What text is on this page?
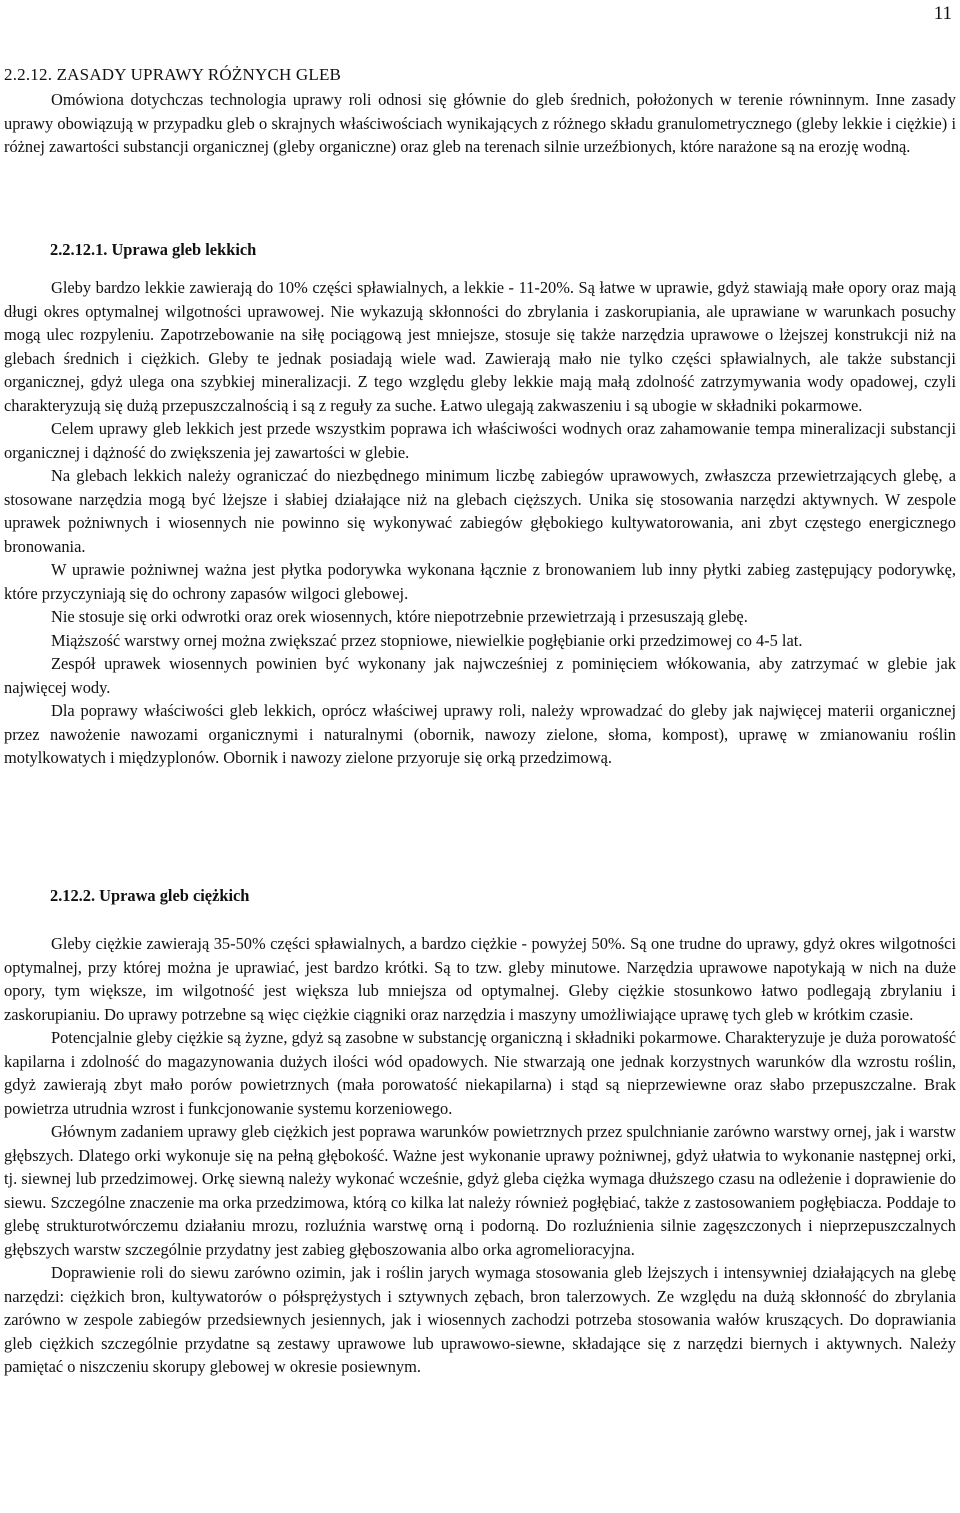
11
2.2.12. ZASADY UPRAWY RÓŻNYCH GLEB

Omówiona dotychczas technologia uprawy roli odnosi się głównie do gleb średnich, położonych w terenie równinnym. Inne zasady uprawy obowiązują w przypadku gleb o skrajnych właściwościach wynikających z różnego składu granulometrycznego (gleby lekkie i ciężkie) i różnej zawartości substancji organicznej (gleby organiczne) oraz gleb na terenach silnie urzeźbionych, które narażone są na erozję wodną.

2.2.12.1. Uprawa gleb lekkich

Gleby bardzo lekkie zawierają do 10% części spławialnych, a lekkie - 11-20%. Są łatwe w uprawie, gdyż stawiają małe opory oraz mają długi okres optymalnej wilgotności uprawowej. Nie wykazują skłonności do zbrylania i zaskorupiania, ale uprawiane w warunkach posuchy mogą ulec rozpyleniu. Zapotrzebowanie na siłę pociągową jest mniejsze, stosuje się także narzędzia uprawowe o lżejszej konstrukcji niż na glebach średnich i ciężkich. Gleby te jednak posiadają wiele wad. Zawierają mało nie tylko części spławialnych, ale także substancji organicznej, gdyż ulega ona szybkiej mineralizacji. Z tego względu gleby lekkie mają małą zdolność zatrzymywania wody opadowej, czyli charakteryzują się dużą przepuszczalnością i są z reguły za suche. Łatwo ulegają zakwaszeniu i są ubogie w składniki pokarmowe.

Celem uprawy gleb lekkich jest przede wszystkim poprawa ich właściwości wodnych oraz zahamowanie tempa mineralizacji substancji organicznej i dążność do zwiększenia jej zawartości w glebie.

Na glebach lekkich należy ograniczać do niezbędnego minimum liczbę zabiegów uprawowych, zwłaszcza przewietrzających glebę, a stosowane narzędzia mogą być lżejsze i słabiej działające niż na glebach cięższych. Unika się stosowania narzędzi aktywnych. W zespole uprawek pożniwnych i wiosennych nie powinno się wykonywać zabiegów głębokiego kultywatorowania, ani zbyt częstego energicznego bronowania.

W uprawie pożniwnej ważna jest płytka podorywka wykonana łącznie z bronowaniem lub inny płytki zabieg zastępujący podorywkę, które przyczyniają się do ochrony zapasów wilgoci glebowej.

Nie stosuje się orki odwrotki oraz orek wiosennych, które niepotrzebnie przewietrzają i przesuszają glebę.

Miąższość warstwy ornej można zwiększać przez stopniowe, niewielkie pogłębianie orki przedzimowej co 4-5 lat.

Zespół uprawek wiosennych powinien być wykonany jak najwcześniej z pominięciem włókowania, aby zatrzymać w glebie jak najwięcej wody.

Dla poprawy właściwości gleb lekkich, oprócz właściwej uprawy roli, należy wprowadzać do gleby jak najwięcej materii organicznej przez nawożenie nawozami organicznymi i naturalnymi (obornik, nawozy zielone, słoma, kompost), uprawę w zmianowaniu roślin motylkowatych i międzyplonów. Obornik i nawozy zielone przyoruje się orką przedzimową.

2.12.2. Uprawa gleb ciężkich

Gleby ciężkie zawierają 35-50% części spławialnych, a bardzo ciężkie - powyżej 50%. Są one trudne do uprawy, gdyż okres wilgotności optymalnej, przy której można je uprawiać, jest bardzo krótki. Są to tzw. gleby minutowe. Narzędzia uprawowe napotykają w nich na duże opory, tym większe, im wilgotność jest większa lub mniejsza od optymalnej. Gleby ciężkie stosunkowo łatwo podlegają zbrylaniu i zaskorupianiu. Do uprawy potrzebne są więc ciężkie ciągniki oraz narzędzia i maszyny umożliwiające uprawę tych gleb w krótkim czasie.

Potencjalnie gleby ciężkie są żyzne, gdyż są zasobne w substancję organiczną i składniki pokarmowe. Charakteryzuje je duża porowatość kapilarna i zdolność do magazynowania dużych ilości wód opadowych. Nie stwarzają one jednak korzystnych warunków dla wzrostu roślin, gdyż zawierają zbyt mało porów powietrznych (mała porowatość niekapilarna) i stąd są nieprzewiewne oraz słabo przepuszczalne. Brak powietrza utrudnia wzrost i funkcjonowanie systemu korzeniowego.

Głównym zadaniem uprawy gleb ciężkich jest poprawa warunków powietrznych przez spulchnianie zarówno warstwy ornej, jak i warstw głębszych. Dlatego orki wykonuje się na pełną głębokość. Ważne jest wykonanie uprawy pożniwnej, gdyż ułatwia to wykonanie następnej orki, tj. siewnej lub przedzimowej. Orkę siewną należy wykonać wcześnie, gdyż gleba ciężka wymaga dłuższego czasu na odleżenie i doprawienie do siewu. Szczególne znaczenie ma orka przedzimowa, którą co kilka lat należy również pogłębiać, także z zastosowaniem pogłębiacza. Poddaje to glebę strukturotwórczemu działaniu mrozu, rozluźnia warstwę orną i podorną. Do rozluźnienia silnie zagęszczonych i nieprzepuszczalnych głębszych warstw szczególnie przydatny jest zabieg głęboszowania albo orka agromelioracyjna.

Doprawienie roli do siewu zarówno ozimin, jak i roślin jarych wymaga stosowania gleb lżejszych i intensywniej działających na glebę narzędzi: ciężkich bron, kultywatorów o półsprężystych i sztywnych zębach, bron talerzowych. Ze względu na dużą skłonność do zbrylania zarówno w zespole zabiegów przedsiewnych jesiennych, jak i wiosennych zachodzi potrzeba stosowania wałów kruszących. Do doprawiania gleb ciężkich szczególnie przydatne są zestawy uprawowe lub uprawowo-siewne, składające się z narzędzi biernych i aktywnych. Należy pamiętać o niszczeniu skorupy glebowej w okresie posiewnym.
